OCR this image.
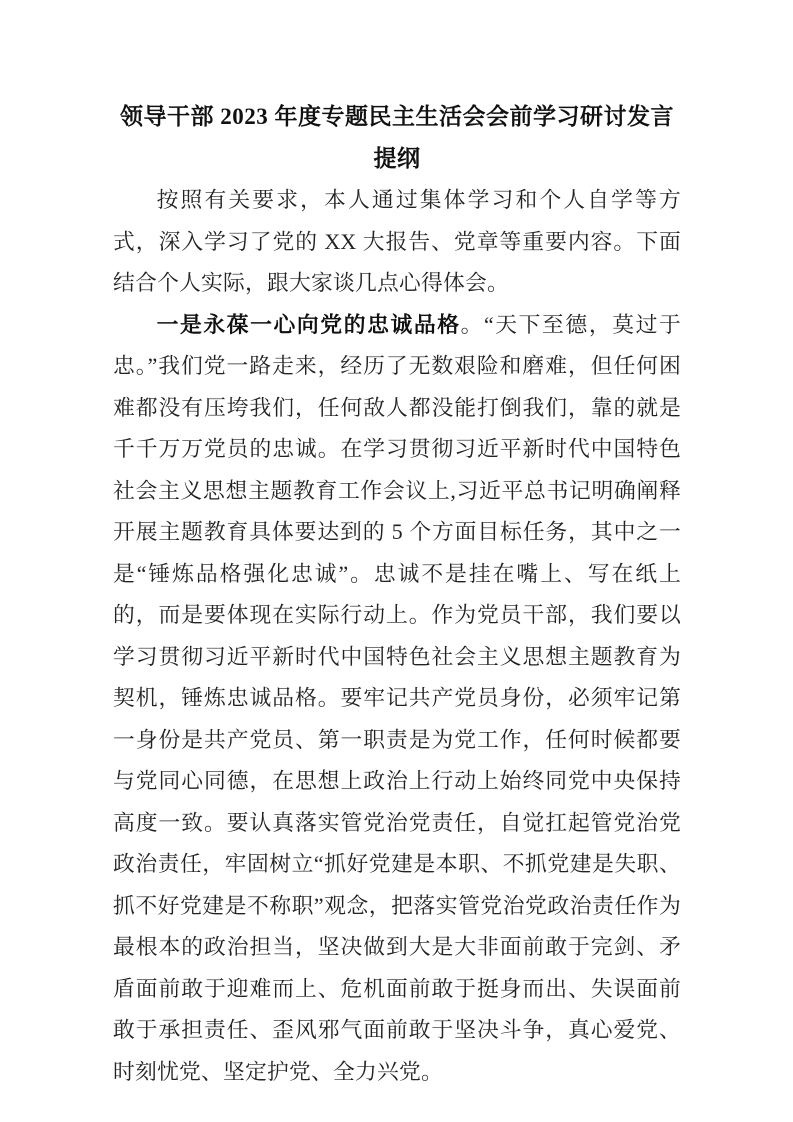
领导干部 2023 年度专题民主生活会会前学习研讨发言提纲

按照有关要求，本人通过集体学习和个人自学等方式，深入学习了党的 XX 大报告、党章等重要内容。下面结合个人实际，跟大家谈几点心得体会。

一是永葆一心向党的忠诚品格。“天下至德，莫过于忠。”我们党一路走来，经历了无数艰险和磨难，但任何困难都没有压垮我们，任何敌人都没能打倒我们，靠的就是千千万万党员的忠诚。在学习贯彻习近平新时代中国特色社会主义思想主题教育工作会议上,习近平总书记明确阐释开展主题教育具体要达到的 5 个方面目标任务，其中之一是“锤炼品格强化忠诚”。忠诚不是挂在嘴上、写在纸上的，而是要体现在实际行动上。作为党员干部，我们要以学习贯彻习近平新时代中国特色社会主义思想主题教育为契机，锤炼忠诚品格。要牢记共产党员身份，必须牢记第一身份是共产党员、第一职责是为党工作，任何时候都要与党同心同德，在思想上政治上行动上始终同党中央保持高度一致。要认真落实管党治党责任，自觉扛起管党治党政治责任，牢固树立“抓好党建是本职、不抓党建是失职、抓不好党建是不称职”观念，把落实管党治党政治责任作为最根本的政治担当，坚决做到大是大非面前敢于完剑、矛盾面前敢于迎难而上、危机面前敢于挺身而出、失误面前敢于承担责任、歪风邪气面前敢于坚决斗争，真心爱党、时刻忧党、坚定护党、全力兴党。
